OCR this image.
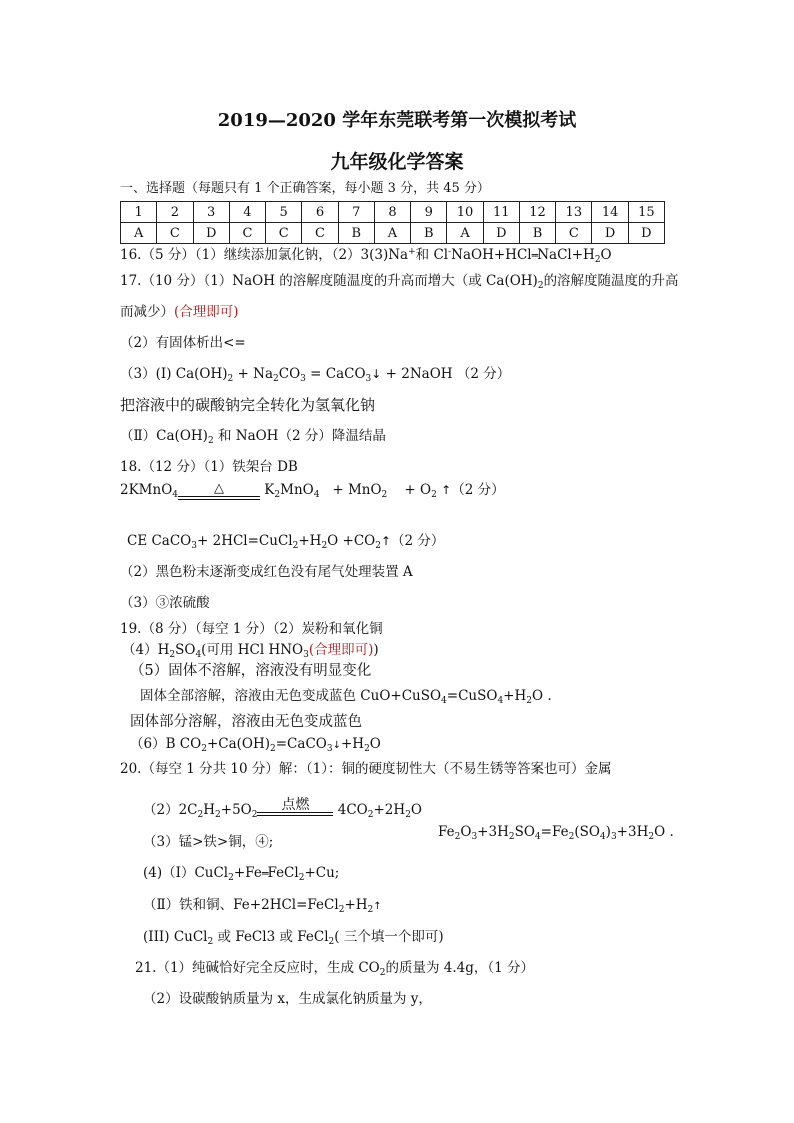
2019—2020 学年东莞联考第一次模拟考试
九年级化学答案
一、选择题（每题只有 1 个正确答案，每小题 3 分，共 45 分）
1	2	3	4	5	6	7	8	9	10	11	12	13	14	15
A	C	D	C	C	C	B	A	B	A	D	B	C	D	D
16.（5 分）（1）继续添加氯化钠，（2）3(3)Na+和 $Cl^-NaOH+HCl═NaCl+H_2O$
17.（10 分）（1）NaOH 的溶解度随温度的升高而增大（或 $Ca(OH)_2$的溶解度随温度的升高
而减少）(合理即可)
（2）有固体析出<=
（3）(Ⅰ) $Ca(OH)_2 + Na_2CO_3$ = CaCO$_3$↓ + 2NaOH （2 分）
把溶液中的碳酸钠完全转化为氢氧化钠
$(Ⅱ)Ca(OH)_2$ 和 NaOH（2 分）降温结晶
18.（12 分）（1）铁架台 DB
2KMnO$_4$	△	$K_2MnO_4 + MnO_2$    + $O_2$ ↑（2 分）
CE CaCO$_3$+ $2HCl=CuCl_2+H_2O$ $+CO_2↑(2$ 分）
（2）黑色粉末逐渐变成红色没有尾气处理装置 A
（3）③浓硫酸
19.（8 分）（每空 1 分）（2）炭粉和氧化铜
$(4)H_2SO_4$(可用 HCl $HNO_3$(合理即可))
（5）固体不溶解，溶液没有明显变化
固体全部溶解，溶液由无色变成蓝色 $CuO+CuSO_4=CuSO_4+H_2O$ .
固体部分溶解，溶液由无色变成蓝色
（6）B $CO_2+Ca(OH)_2=CaCO_3↓+H_2O$
20.（每空 1 分共 10 分）解：（1）：铜的硬度韧性大（不易生锈等答案也可）金属
$(2)2C_2H_2+5O_2$
点燃	$4CO_2+2H_2O$
$Fe_2O_3+3H_2SO_4=Fe_2(SO_4)_3+3H_2O$ .
（3）锰>铁>铜，④;
(4)（Ⅰ）CuCl$_2$+Fe═FeCl$_2$+Cu;
（Ⅱ）铁和铜、$Fe+2HCl=FeCl_2+H_2↑$
(III) CuCl$_2$ 或 FeCl3 或 FeCl$_2$( 三个填一个即可)
21.（1）纯碱恰好完全反应时，生成 $CO_2$的质量为 4.4g，（1 分）
（2）设碳酸钠质量为 x，生成氯化钠质量为 y，
